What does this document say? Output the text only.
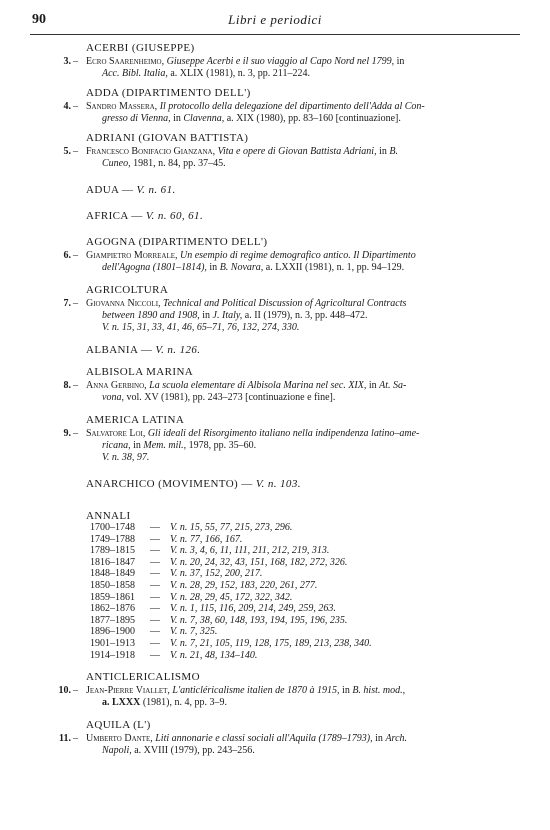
90	Libri e periodici
ACERBI (GIUSEPPE)
3. – Ecro Saarenheimo, Giuseppe Acerbi e il suo viaggio al Capo Nord nel 1799, in
Acc. Bibl. Italia, a. XLIX (1981), n. 3, pp. 211–224.
ADDA (DIPARTIMENTO DELL')
4. – Sandro Massera, Il protocollo della delegazione del dipartimento dell'Adda al Con-
gresso di Vienna, in Clavenna, a. XIX (1980), pp. 83–160 [continuazione].
ADRIANI (GIOVAN BATTISTA)
5. – Francesco Bonifacio Gianzana, Vita e opere di Giovan Battista Adriani, in B.
Cuneo, 1981, n. 84, pp. 37–45.
ADUA — V. n. 61.
AFRICA — V. n. 60, 61.
AGOGNA (DIPARTIMENTO DELL')
6. – Giampietro Morreale, Un esempio di regime demografico antico. Il Dipartimento
dell'Agogna (1801–1814), in B. Novara, a. LXXII (1981), n. 1, pp. 94–129.
AGRICOLTURA
7. – Giovanna Niccoli, Technical and Political Discussion of Agricoltural Contracts
between 1890 and 1908, in J. Italy, a. II (1979), n. 3, pp. 448–472.
V. n. 15, 31, 33, 41, 46, 65–71, 76, 132, 274, 330.
ALBANIA — V. n. 126.
ALBISOLA MARINA
8. – Anna Gerbino, La scuola elementare di Albisola Marina nel sec. XIX, in At. Sa-
vona, vol. XV (1981), pp. 243–273 [continuazione e fine].
AMERICA LATINA
9. – Salvatore Loi, Gli ideali del Risorgimento italiano nella indipendenza latino–ame-
ricana, in Mem. mil., 1978, pp. 35–60.
V. n. 38, 97.
ANARCHICO (MOVIMENTO) — V. n. 103.
ANNALI
1700–1748	—	V. n. 15, 55, 77, 215, 273, 296.
1749–1788	—	V. n. 77, 166, 167.
1789–1815	—	V. n. 3, 4, 6, 11, 111, 211, 212, 219, 313.
1816–1847	—	V. n. 20, 24, 32, 43, 151, 168, 182, 272, 326.
1848–1849	—	V. n. 37, 152, 200, 217.
1850–1858	—	V. n. 28, 29, 152, 183, 220, 261, 277.
1859–1861	—	V. n. 28, 29, 45, 172, 322, 342.
1862–1876	—	V. n. 1, 115, 116, 209, 214, 249, 259, 263.
1877–1895	—	V. n. 7, 38, 60, 148, 193, 194, 195, 196, 235.
1896–1900	—	V. n. 7, 325.
1901–1913	—	V. n. 7, 21, 105, 119, 128, 175, 189, 213, 238, 340.
1914–1918	—	V. n. 21, 48, 134–140.
ANTICLERICALISMO
10. – Jean-Pierre Viallet, L'anticléricalisme italien de 1870 à 1915, in B. hist. mod.,
a. LXXX (1981), n. 4, pp. 3–9.
AQUILA (L')
11. – Umberto Dante, Liti annonarie e classi sociali all'Aquila (1789–1793), in Arch.
Napoli, a. XVIII (1979), pp. 243–256.
